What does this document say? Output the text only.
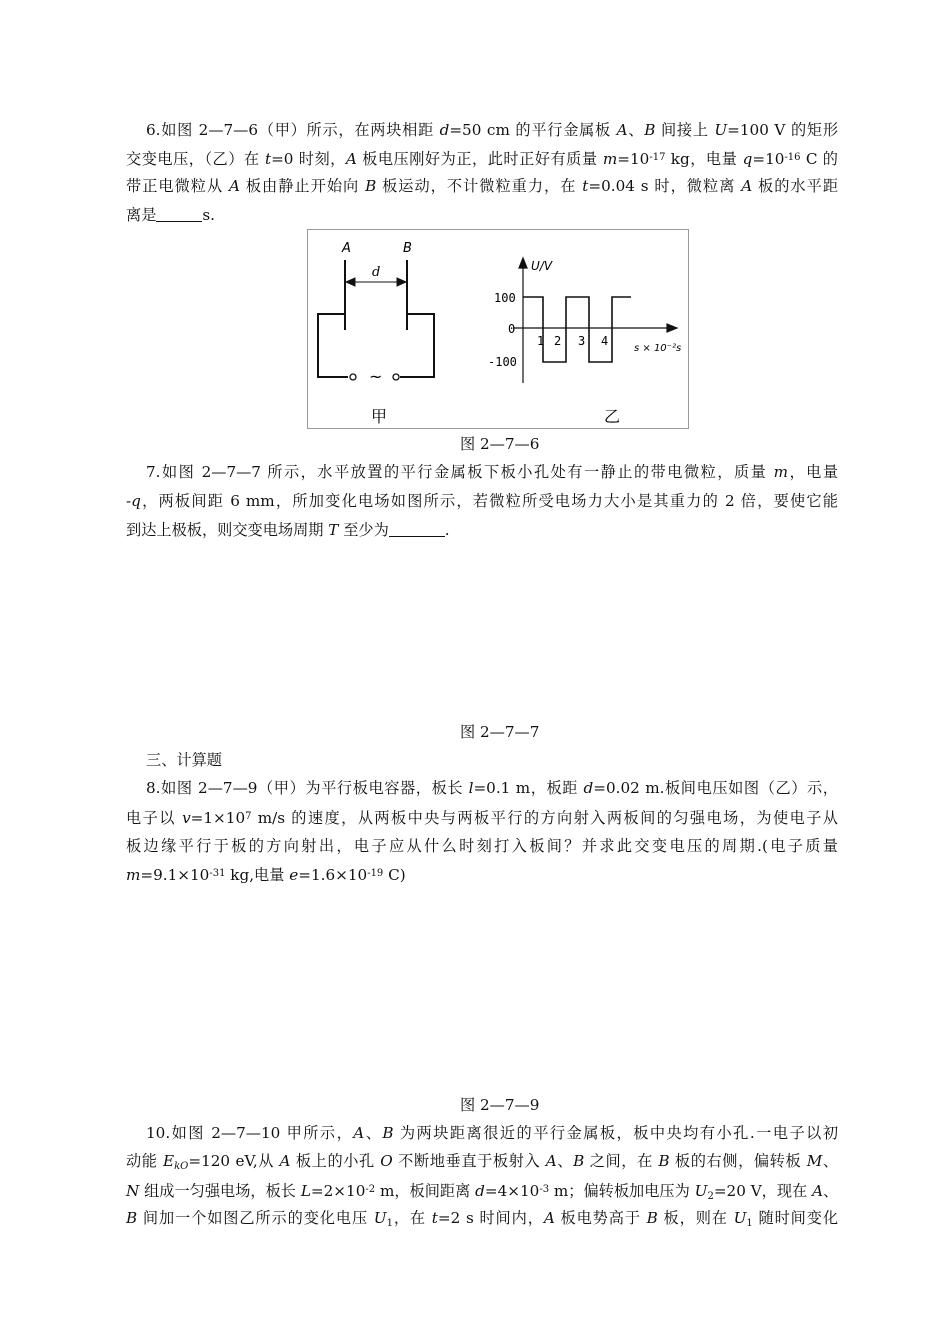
6.如图 2—7—6（甲）所示，在两块相距 d=50 cm 的平行金属板 A、B 间接上 U=100 V 的矩形
交变电压，（乙）在 t=0 时刻，A 板电压刚好为正，此时正好有质量 $m=10^{-17}$ kg，电量 $q=10^{-16}$ C 的
带正电微粒从 A 板由静止开始向 B 板运动，不计微粒重力，在 t=0.04 s 时，微粒离 A 板的水平距
离是	s.
A	B
d
~
甲	乙
U/V
100
0
-100
1 2 3 4
s × 10⁻²s
图 2—7—6
7.如图 2—7—7 所示，水平放置的平行金属板下板小孔处有一静止的带电微粒，质量 m，电量
-q，两板间距 6 mm，所加变化电场如图所示，若微粒所受电场力大小是其重力的 2 倍，要使它能
到达上极板，则交变电场周期 T 至少为	.
图 2—7—7
三、计算题
8.如图 2—7—9（甲）为平行板电容器，板长 l=0.1 m，板距 d=0.02 m.板间电压如图（乙）示，
电子以 $v=1\times 10^7$ m/s 的速度，从两板中央与两板平行的方向射入两板间的匀强电场，为使电子从
板边缘平行于板的方向射出，电子应从什么时刻打入板间？并求此交变电压的周期.(电子质量
$m=9.1\times 10^{-31}$ kg,电量 $e=1.6\times 10^{-19}$ C)
图 2—7—9
10.如图 2—7—10 甲所示，A、B 为两块距离很近的平行金属板，板中央均有小孔.一电子以初
动能 $E_{kO}=120$ eV,从 A 板上的小孔 O 不断地垂直于板射入 A、B 之间，在 B 板的右侧，偏转板 M、
N 组成一匀强电场，板长 $L=2\times 10^{-2}$ m，板间距离 $d=4\times 10^{-3}$ m；偏转板加电压为 $U_2=20$ V，现在 A、
B 间加一个如图乙所示的变化电压 $U_1$，在 t=2 s 时间内，A 板电势高于 B 板，则在 $U_1$ 随时间变化
